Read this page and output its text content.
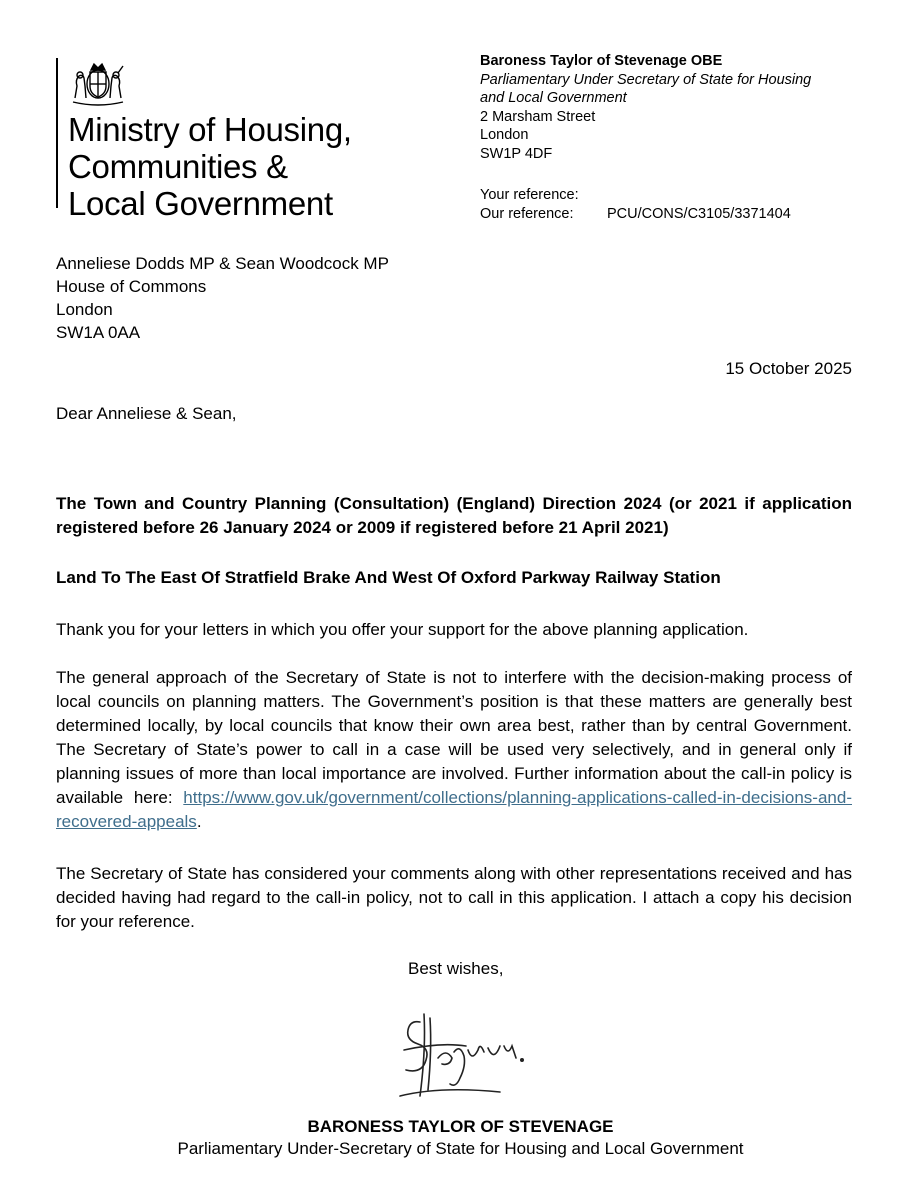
Ministry of Housing,
Communities &
Local Government
Baroness Taylor of Stevenage OBE
Parliamentary Under Secretary of State for Housing
and Local Government
2 Marsham Street
London
SW1P 4DF
Your reference:
Our reference: PCU/CONS/C3105/3371404
Anneliese Dodds MP & Sean Woodcock MP
House of Commons
London
SW1A 0AA
15 October 2025
Dear Anneliese & Sean,
The Town and Country Planning (Consultation) (England) Direction 2024 (or 2021 if application registered before 26 January 2024 or 2009 if registered before 21 April 2021)
Land To The East Of Stratfield Brake And West Of Oxford Parkway Railway Station
Thank you for your letters in which you offer your support for the above planning application.
The general approach of the Secretary of State is not to interfere with the decision-making process of local councils on planning matters. The Government’s position is that these matters are generally best determined locally, by local councils that know their own area best, rather than by central Government. The Secretary of State’s power to call in a case will be used very selectively, and in general only if planning issues of more than local importance are involved. Further information about the call-in policy is available here: https://www.gov.uk/government/collections/planning-applications-called-in-decisions-and-recovered-appeals.
The Secretary of State has considered your comments along with other representations received and has decided having had regard to the call-in policy, not to call in this application. I attach a copy his decision for your reference.
Best wishes,
BARONESS TAYLOR OF STEVENAGE
Parliamentary Under-Secretary of State for Housing and Local Government
